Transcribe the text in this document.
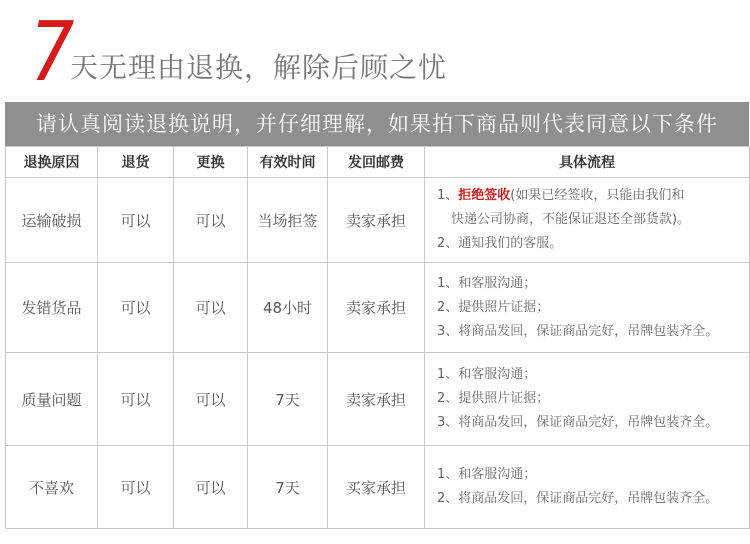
7
天无理由退换，解除后顾之忧
请认真阅读退换说明，并仔细理解，如果拍下商品则代表同意以下条件
退换原因	退货	更换	有效时间	发回邮费	具体流程
运输破损	可以	可以	当场拒签	卖家承担	1、拒绝签收(如果已经签收，只能由我们和
快递公司协商，不能保证退还全部货款)。
2、通知我们的客服。

发错货品	可以	可以	48小时	卖家承担	1、和客服沟通；
2、提供照片证据；
3、将商品发回，保证商品完好，吊牌包装齐全。

质量问题	可以	可以	7天	卖家承担	1、和客服沟通；
2、提供照片证据；
3、将商品发回，保证商品完好，吊牌包装齐全。

不喜欢	可以	可以	7天	买家承担	1、和客服沟通；
2、将商品发回，保证商品完好，吊牌包装齐全。
